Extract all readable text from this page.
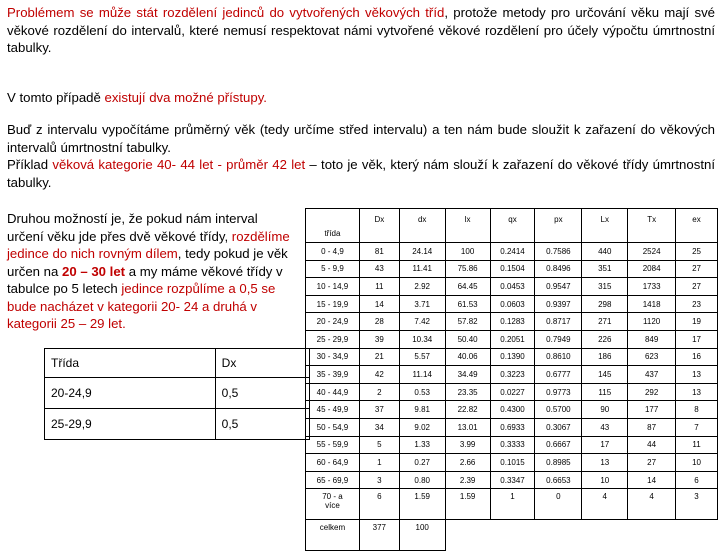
Problémem se může stát rozdělení jedinců do vytvořených věkových tříd, protože metody pro určování věku mají své věkové rozdělení do intervalů, které nemusí respektovat námi vytvořené věkové rozdělení pro účely výpočtu úmrtnostní tabulky.
V tomto případě existují dva možné přístupy.
Buď z intervalu vypočítáme průměrný věk (tedy určíme střed intervalu) a ten nám bude sloužit k zařazení do věkových intervalů úmrtnostní tabulky.
Příklad věková kategorie 40- 44 let - průměr 42 let – toto je věk, který nám slouží k zařazení do věkové třídy úmrtnostní tabulky.
Druhou možností je, že pokud nám interval určení věku jde přes dvě věkové třídy, rozdělíme jedince do nich rovným dílem, tedy pokud je věk určen na 20 – 30 let a my máme věkové třídy v tabulce po 5 letech jedince rozpůlíme a 0,5 se bude nacházet v kategorii 20- 24 a druhá v kategorii 25 – 29 let.
Třída	Dx
20-24,9	0,5
25-29,9	0,5
třída	Dx	dx	lx	qx	px	Lx	Tx	ex
0 - 4,9	81	24.14	100	0.2414	0.7586	440	2524	25
5 - 9,9	43	11.41	75.86	0.1504	0.8496	351	2084	27
10 - 14,9	11	2.92	64.45	0.0453	0.9547	315	1733	27
15 - 19,9	14	3.71	61.53	0.0603	0.9397	298	1418	23
20 - 24,9	28	7.42	57.82	0.1283	0.8717	271	1120	19
25 - 29,9	39	10.34	50.40	0.2051	0.7949	226	849	17
30 - 34,9	21	5.57	40.06	0.1390	0.8610	186	623	16
35 - 39,9	42	11.14	34.49	0.3223	0.6777	145	437	13
40 - 44,9	2	0.53	23.35	0.0227	0.9773	115	292	13
45 - 49,9	37	9.81	22.82	0.4300	0.5700	90	177	8
50 - 54,9	34	9.02	13.01	0.6933	0.3067	43	87	7
55 - 59,9	5	1.33	3.99	0.3333	0.6667	17	44	11
60 - 64,9	1	0.27	2.66	0.1015	0.8985	13	27	10
65 - 69,9	3	0.80	2.39	0.3347	0.6653	10	14	6
70 - a více	6	1.59	1.59	1	0	4	4	3
celkem	377	100						
